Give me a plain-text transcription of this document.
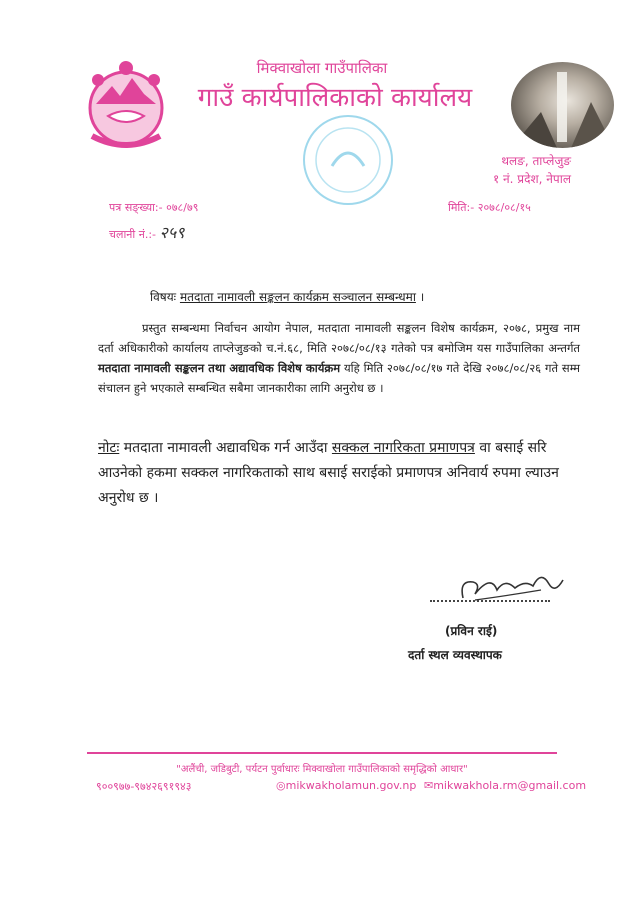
मिक्वाखोला गाउँपालिका
गाउँ कार्यपालिकाको कार्यालय
थलङ, ताप्लेजुङ
१ नं. प्रदेश, नेपाल
पत्र सङ्ख्या:- ०७८/७९
चलानी नं.:- २५९
मिति:- २०७८/०८/१५
विषयः मतदाता नामावली सङ्कलन कार्यक्रम सञ्चालन सम्बन्धमा ।
प्रस्तुत सम्बन्धमा निर्वाचन आयोग नेपाल, मतदाता नामावली सङ्कलन विशेष कार्यक्रम, २०७८, प्रमुख नाम दर्ता अधिकारीको कार्यालय ताप्लेजुङको च.नं.६८, मिति २०७८/०८/१३ गतेको पत्र बमोजिम यस गाउँपालिका अन्तर्गत मतदाता नामावली सङ्कलन तथा अद्यावधिक विशेष कार्यक्रम यहि मिति २०७८/०८/१७ गते देखि २०७८/०८/२६ गते सम्म संचालन हुने भएकाले सम्बन्धित सबैमा जानकारीका लागि अनुरोध छ ।
नोटः मतदाता नामावली अद्यावधिक गर्न आउँदा सक्कल नागरिकता प्रमाणपत्र वा बसाई सरि आउनेको हकमा सक्कल नागरिकताको साथ बसाई सराईको प्रमाणपत्र अनिवार्य रुपमा ल्याउन अनुरोध छ ।
(प्रविन राई)
दर्ता स्थल व्यवस्थापक
"अलैंची, जडिबुटी, पर्यटन पुर्वाधारः मिक्वाखोला गाउँपालिकाको समृद्धिको आधार"
९००९७७-९७४२६९१९४३	◎mikwakholamun.gov.np ✉mikwakhola.rm@gmail.com
